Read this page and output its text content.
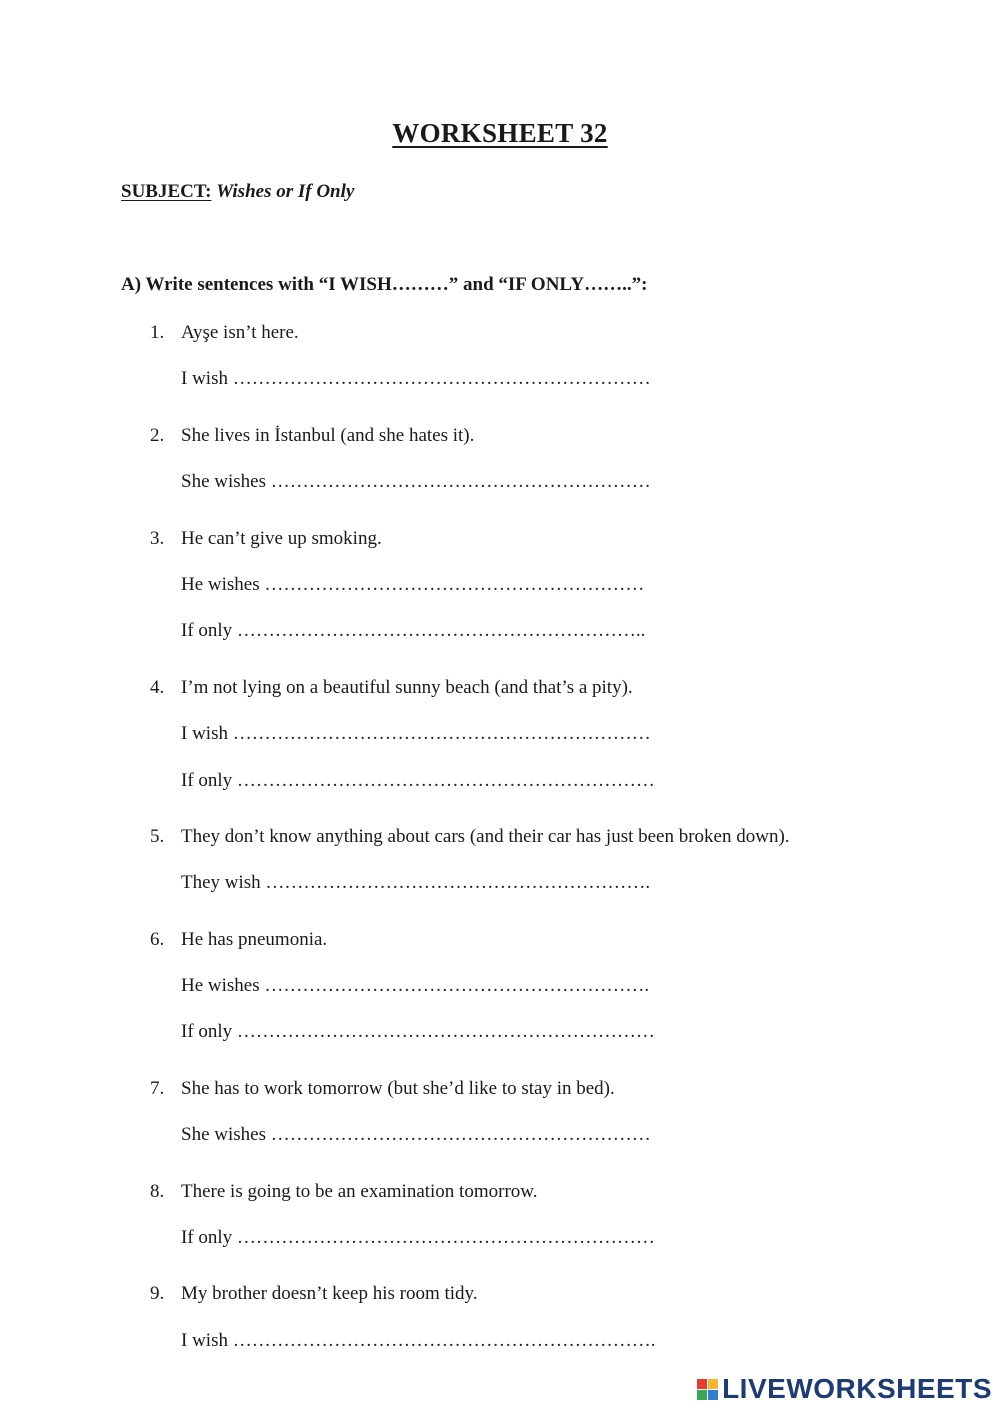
WORKSHEET 32
SUBJECT: Wishes or If Only
A) Write sentences with “I WISH………” and “IF ONLY……..”:
1. Ayşe isn’t here.
I wish …………………………………………………………
2. She lives in İstanbul (and she hates it).
She wishes ……………………………………………………
3. He can’t give up smoking.
He wishes ……………………………………………………
If only ………………………………………………………..
4. I’m not lying on a beautiful sunny beach (and that’s a pity).
I wish …………………………………………………………
If only …………………………………………………………
5. They don’t know anything about cars (and their car has just been broken down).
They wish …………………………………………………….
6. He has pneumonia.
He wishes …………………………………………………….
If only …………………………………………………………
7. She has to work tomorrow (but she’d like to stay in bed).
She wishes ……………………………………………………
8. There is going to be an examination tomorrow.
If only …………………………………………………………
9. My brother doesn’t keep his room tidy.
I wish ………………………………………………………….
LIVEWORKSHEETS
